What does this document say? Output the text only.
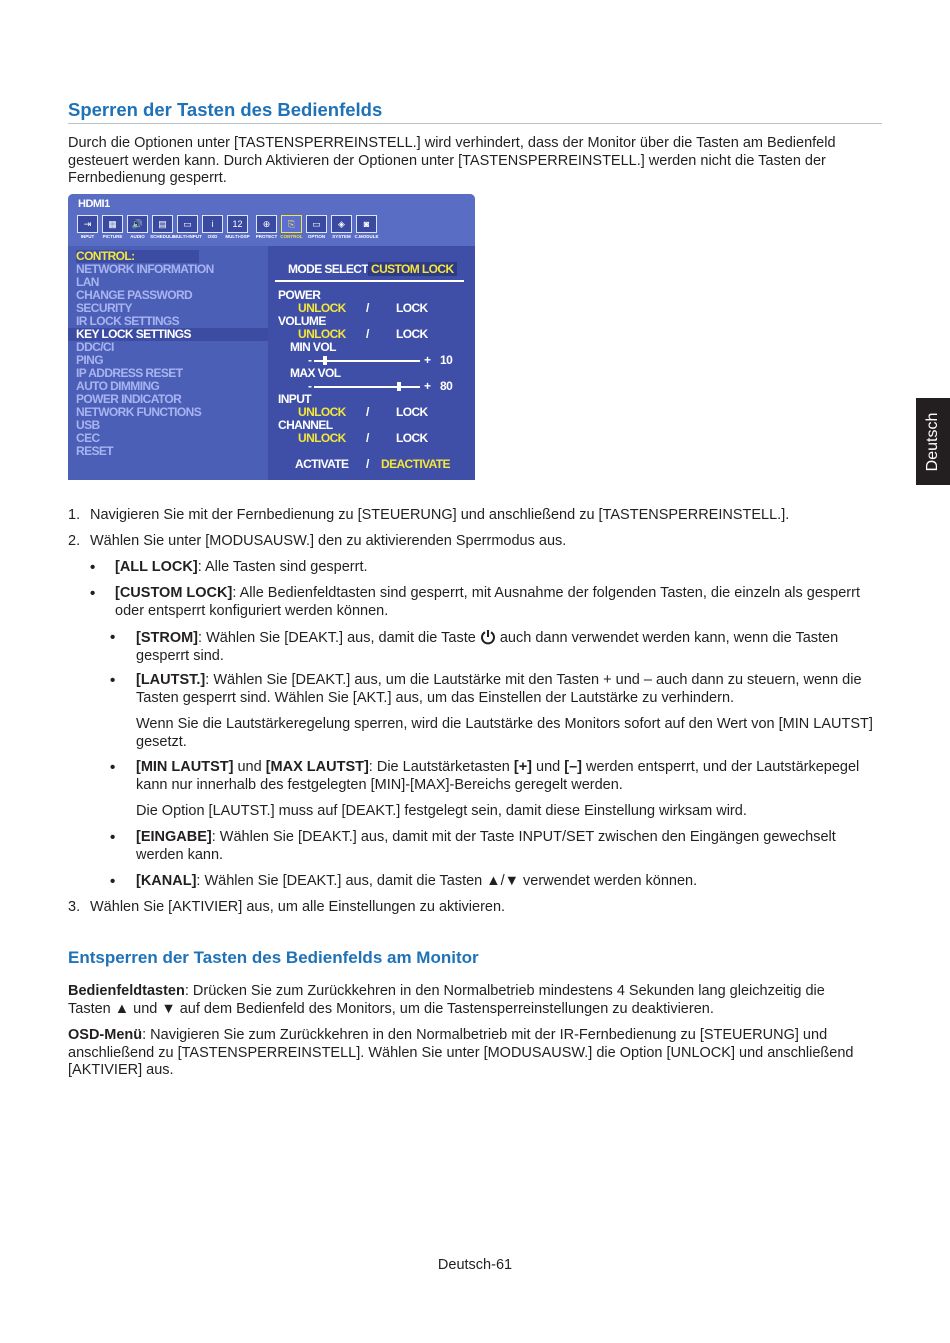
Sperren der Tasten des Bedienfelds

Durch die Optionen unter [TASTENSPERREINSTELL.] wird verhindert, dass der Monitor über die Tasten am Bedienfeld gesteuert werden kann. Durch Aktivieren der Optionen unter [TASTENSPERREINSTELL.] werden nicht die Tasten der Fernbedienung gesperrt.

Deutsch
HDMI1
⇥
INPUT
▦
PICTURE
🔊
AUDIO
▤
SCHEDULE
▭
MULTI-INPUT
i
OSD
12
MULTI-DSP
⊕
PROTECT
⎘
CONTROL
▭
OPTION
◈
SYSTEM
◙
C.MODULE
CONTROL:
NETWORK INFORMATION
LAN
CHANGE PASSWORD
SECURITY
IR LOCK SETTINGS
KEY LOCK SETTINGS
DDC/CI
PING
IP ADDRESS RESET
AUTO DIMMING
POWER INDICATOR
NETWORK FUNCTIONS
USB
CEC
RESET
MODE SELECT CUSTOM LOCK
POWER
UNLOCK / LOCK
VOLUME
UNLOCK / LOCK
MIN VOL
-	+ 10
MAX VOL
-	+ 80
INPUT
UNLOCK / LOCK
CHANNEL
UNLOCK / LOCK
ACTIVATE / DEACTIVATE
1. Navigieren Sie mit der Fernbedienung zu [STEUERUNG] und anschließend zu [TASTENSPERREINSTELL.].

2. Wählen Sie unter [MODUSAUSW.] den zu aktivierenden Sperrmodus aus.

• [ALL LOCK]: Alle Tasten sind gesperrt.

• [CUSTOM LOCK]: Alle Bedienfeldtasten sind gesperrt, mit Ausnahme der folgenden Tasten, die einzeln als gesperrt oder entsperrt konfiguriert werden können.

• [STROM]: Wählen Sie [DEAKT.] aus, damit die Taste auch dann verwendet werden kann, wenn die Tasten gesperrt sind.

• [LAUTST.]: Wählen Sie [DEAKT.] aus, um die Lautstärke mit den Tasten + und – auch dann zu steuern, wenn die Tasten gesperrt sind. Wählen Sie [AKT.] aus, um das Einstellen der Lautstärke zu verhindern.

Wenn Sie die Lautstärkeregelung sperren, wird die Lautstärke des Monitors sofort auf den Wert von [MIN LAUTST] gesetzt.

• [MIN LAUTST] und [MAX LAUTST]: Die Lautstärketasten [+] und [–] werden entsperrt, und der Lautstärkepegel kann nur innerhalb des festgelegten [MIN]-[MAX]-Bereichs geregelt werden.

Die Option [LAUTST.] muss auf [DEAKT.] festgelegt sein, damit diese Einstellung wirksam wird.

• [EINGABE]: Wählen Sie [DEAKT.] aus, damit mit der Taste INPUT/SET zwischen den Eingängen gewechselt werden kann.

• [KANAL]: Wählen Sie [DEAKT.] aus, damit die Tasten ▲/▼ verwendet werden können.

3. Wählen Sie [AKTIVIER] aus, um alle Einstellungen zu aktivieren.

Entsperren der Tasten des Bedienfelds am Monitor

Bedienfeldtasten: Drücken Sie zum Zurückkehren in den Normalbetrieb mindestens 4 Sekunden lang gleichzeitig die Tasten ▲ und ▼ auf dem Bedienfeld des Monitors, um die Tastensperreinstellungen zu deaktivieren.

OSD-Menü: Navigieren Sie zum Zurückkehren in den Normalbetrieb mit der IR-Fernbedienung zu [STEUERUNG] und anschließend zu [TASTENSPERREINSTELL]. Wählen Sie unter [MODUSAUSW.] die Option [UNLOCK] und anschließend [AKTIVIER] aus.

Deutsch-61
